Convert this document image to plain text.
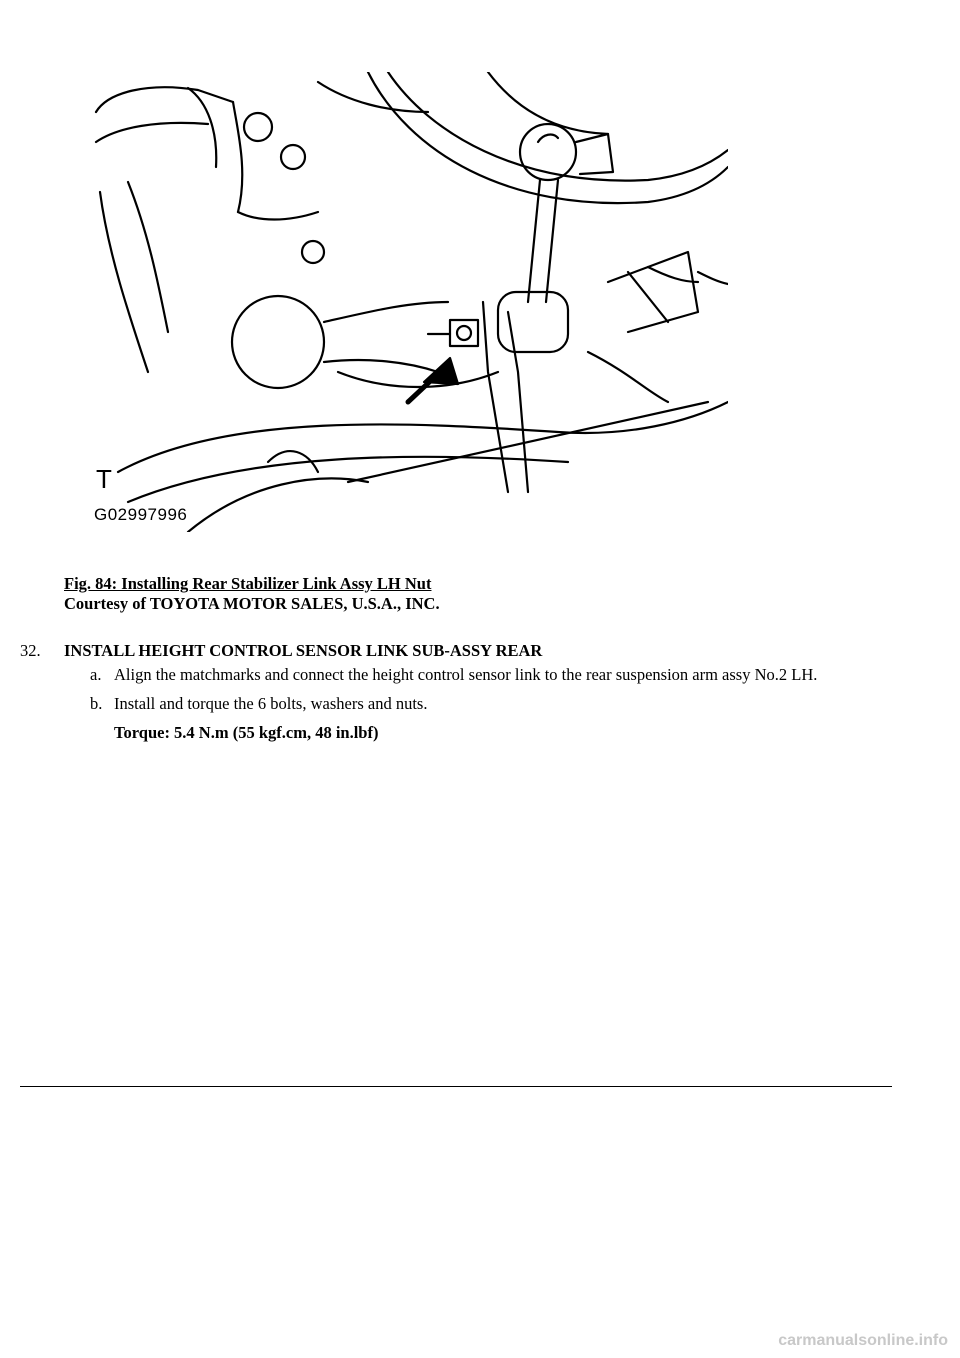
T
G02997996
Fig. 84: Installing Rear Stabilizer Link Assy LH Nut
Courtesy of TOYOTA MOTOR SALES, U.S.A., INC.
32. INSTALL HEIGHT CONTROL SENSOR LINK SUB-ASSY REAR
a. Align the matchmarks and connect the height control sensor link to the rear suspension arm assy No.2 LH.
b. Install and torque the 6 bolts, washers and nuts.
Torque: 5.4 N.m (55 kgf.cm, 48 in.lbf)
carmanualsonline.info
